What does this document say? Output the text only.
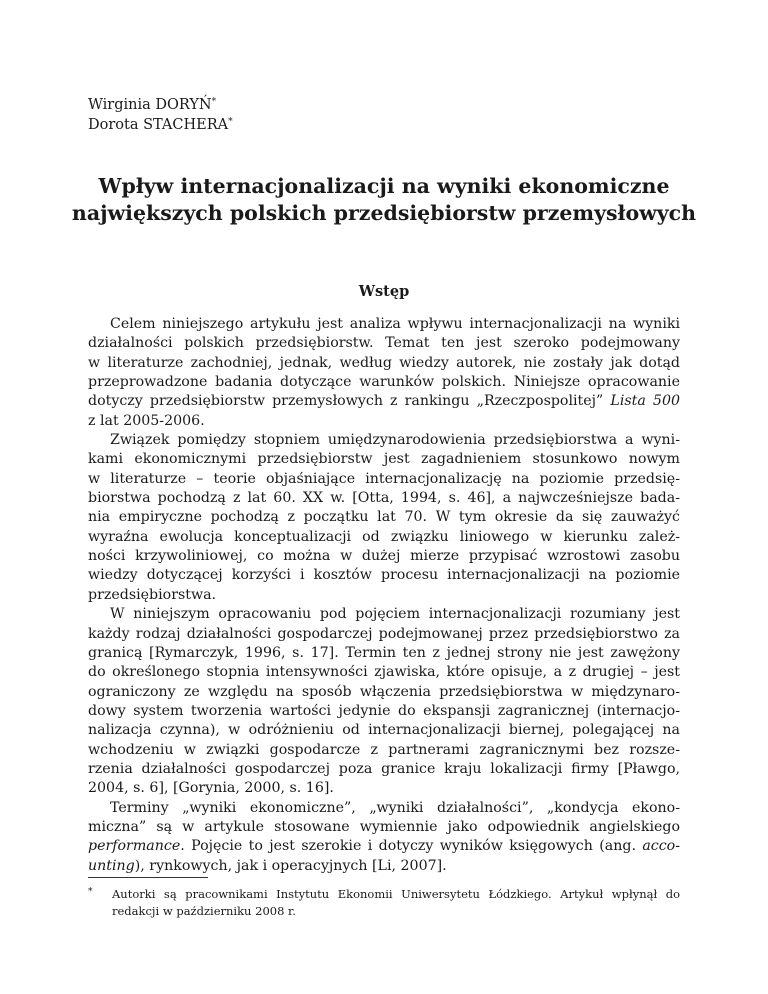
Wirginia DORYŃ*
Dorota STACHERA*
Wpływ internacjonalizacji na wyniki ekonomiczne
największych polskich przedsiębiorstw przemysłowych
Wstęp
Celem niniejszego artykułu jest analiza wpływu internacjonalizacji na wyniki
działalności polskich przedsiębiorstw. Temat ten jest szeroko podejmowany
w literaturze zachodniej, jednak, według wiedzy autorek, nie zostały jak dotąd
przeprowadzone badania dotyczące warunków polskich. Niniejsze opracowanie
dotyczy przedsiębiorstw przemysłowych z rankingu „Rzeczpospolitej” Lista 500
z lat 2005-2006.
Związek pomiędzy stopniem umiędzynarodowienia przedsiębiorstwa a wyni-
kami ekonomicznymi przedsiębiorstw jest zagadnieniem stosunkowo nowym
w literaturze – teorie objaśniające internacjonalizację na poziomie przedsię-
biorstwa pochodzą z lat 60. XX w. [Otta, 1994, s. 46], a najwcześniejsze bada-
nia empiryczne pochodzą z początku lat 70. W tym okresie da się zauważyć
wyraźna ewolucja konceptualizacji od związku liniowego w kierunku zależ-
ności krzywoliniowej, co można w dużej mierze przypisać wzrostowi zasobu
wiedzy dotyczącej korzyści i kosztów procesu internacjonalizacji na poziomie
przedsiębiorstwa.
W niniejszym opracowaniu pod pojęciem internacjonalizacji rozumiany jest
każdy rodzaj działalności gospodarczej podejmowanej przez przedsiębiorstwo za
granicą [Rymarczyk, 1996, s. 17]. Termin ten z jednej strony nie jest zawężony
do określonego stopnia intensywności zjawiska, które opisuje, a z drugiej – jest
ograniczony ze względu na sposób włączenia przedsiębiorstwa w międzynaro-
dowy system tworzenia wartości jedynie do ekspansji zagranicznej (internacjo-
nalizacja czynna), w odróżnieniu od internacjonalizacji biernej, polegającej na
wchodzeniu w związki gospodarcze z partnerami zagranicznymi bez rozsze-
rzenia działalności gospodarczej poza granice kraju lokalizacji firmy [Pławgo,
2004, s. 6], [Gorynia, 2000, s. 16].
Terminy „wyniki ekonomiczne”, „wyniki działalności”, „kondycja ekono-
miczna” są w artykule stosowane wymiennie jako odpowiednik angielskiego
performance. Pojęcie to jest szerokie i dotyczy wyników księgowych (ang. acco-
unting), rynkowych, jak i operacyjnych [Li, 2007].
* Autorki są pracownikami Instytutu Ekonomii Uniwersytetu Łódzkiego. Artykuł wpłynął do
redakcji w październiku 2008 r.
